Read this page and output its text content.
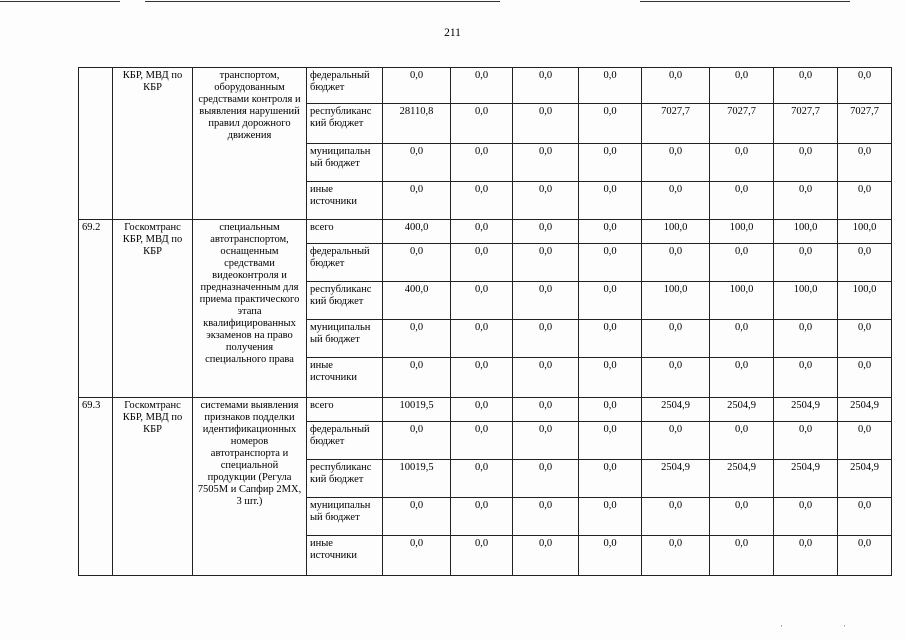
211
	КБР, МВД по КБР	транспортом, оборудованным средствами контроля и выявления нарушений правил дорожного движения	федеральный бюджет	0,0	0,0	0,0	0,0	0,0	0,0	0,0	0,0
			республиканс кий бюджет	28110,8	0,0	0,0	0,0	7027,7	7027,7	7027,7	7027,7
			муниципальн ый бюджет	0,0	0,0	0,0	0,0	0,0	0,0	0,0	0,0
			иные источники	0,0	0,0	0,0	0,0	0,0	0,0	0,0	0,0
69.2	Госкомтранс КБР, МВД по КБР	специальным автотранспортом, оснащенным средствами видеоконтроля и предназначенным для приема практического этапа квалифицированных экзаменов на право получения специального права	всего	400,0	0,0	0,0	0,0	100,0	100,0	100,0	100,0
			федеральный бюджет	0,0	0,0	0,0	0,0	0,0	0,0	0,0	0,0
			республиканс кий бюджет	400,0	0,0	0,0	0,0	100,0	100,0	100,0	100,0
			муниципальн ый бюджет	0,0	0,0	0,0	0,0	0,0	0,0	0,0	0,0
			иные источники	0,0	0,0	0,0	0,0	0,0	0,0	0,0	0,0
69.3	Госкомтранс КБР, МВД по КБР	системами выявления признаков подделки идентификационных номеров автотранспорта и специальной продукции (Регула 7505М и Сапфир 2МХ, 3 шт.)	всего	10019,5	0,0	0,0	0,0	2504,9	2504,9	2504,9	2504,9
			федеральный бюджет	0,0	0,0	0,0	0,0	0,0	0,0	0,0	0,0
			республиканс кий бюджет	10019,5	0,0	0,0	0,0	2504,9	2504,9	2504,9	2504,9
			муниципальн ый бюджет	0,0	0,0	0,0	0,0	0,0	0,0	0,0	0,0
			иные источники	0,0	0,0	0,0	0,0	0,0	0,0	0,0	0,0
' '
